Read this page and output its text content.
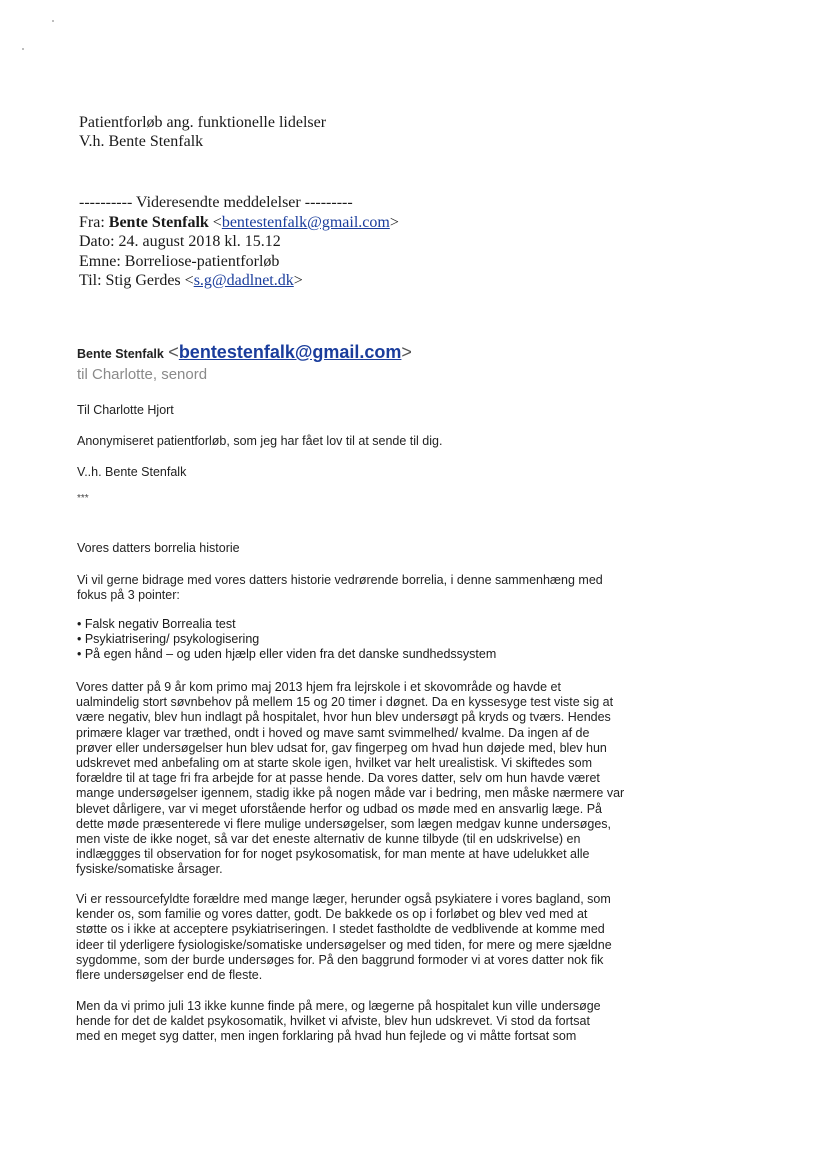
Patientforløb ang. funktionelle lidelser
V.h. Bente Stenfalk
---------- Videresendte meddelelser ---------
Fra: Bente Stenfalk <bentestenfalk@gmail.com>
Dato: 24. august 2018 kl. 15.12
Emne: Borreliose-patientforløb
Til: Stig Gerdes <s.g@dadlnet.dk>
Bente Stenfalk <bentestenfalk@gmail.com>
til Charlotte, senord
Til Charlotte Hjort
Anonymiseret patientforløb, som jeg har fået lov til at sende til dig.
V..h. Bente Stenfalk
***
Vores datters borrelia historie
Vi vil gerne bidrage med vores datters historie vedrørende borrelia, i denne sammenhæng med
fokus på 3 pointer:
• Falsk negativ Borrealia test
• Psykiatrisering/ psykologisering
• På egen hånd – og uden hjælp eller viden fra det danske sundhedssystem

Vores datter på 9 år kom primo maj 2013 hjem fra lejrskole i et skovområde og havde et

ualmindelig stort søvnbehov på mellem 15 og 20 timer i døgnet. Da en kyssesyge test viste sig at

være negativ, blev hun indlagt på hospitalet, hvor hun blev undersøgt på kryds og tværs. Hendes

primære klager var træthed, ondt i hoved og mave samt svimmelhed/ kvalme. Da ingen af de

prøver eller undersøgelser hun blev udsat for, gav fingerpeg om hvad hun døjede med, blev hun

udskrevet med anbefaling om at starte skole igen, hvilket var helt urealistisk. Vi skiftedes som

forældre til at tage fri fra arbejde for at passe hende. Da vores datter, selv om hun havde været

mange undersøgelser igennem, stadig ikke på nogen måde var i bedring, men måske nærmere var

blevet dårligere, var vi meget uforstående herfor og udbad os møde med en ansvarlig læge. På

dette møde præsenterede vi flere mulige undersøgelser, som lægen medgav kunne undersøges,

men viste de ikke noget, så var det eneste alternativ de kunne tilbyde (til en udskrivelse) en

indlæggges til observation for for noget psykosomatisk, for man mente at have udelukket alle

fysiske/somatiske årsager.

Vi er ressourcefyldte forældre med mange læger, herunder også psykiatere i vores bagland, som

kender os, som familie og vores datter, godt. De bakkede os op i forløbet og blev ved med at

støtte os i ikke at acceptere psykiatriseringen. I stedet fastholdte de vedblivende at komme med

ideer til yderligere fysiologiske/somatiske undersøgelser og med tiden, for mere og mere sjældne

sygdomme, som der burde undersøges for. På den baggrund formoder vi at vores datter nok fik

flere undersøgelser end de fleste.

Men da vi primo juli 13 ikke kunne finde på mere, og lægerne på hospitalet kun ville undersøge

hende for det de kaldet psykosomatik, hvilket vi afviste, blev hun udskrevet. Vi stod da fortsat

med en meget syg datter, men ingen forklaring på hvad hun fejlede og vi måtte fortsat som
